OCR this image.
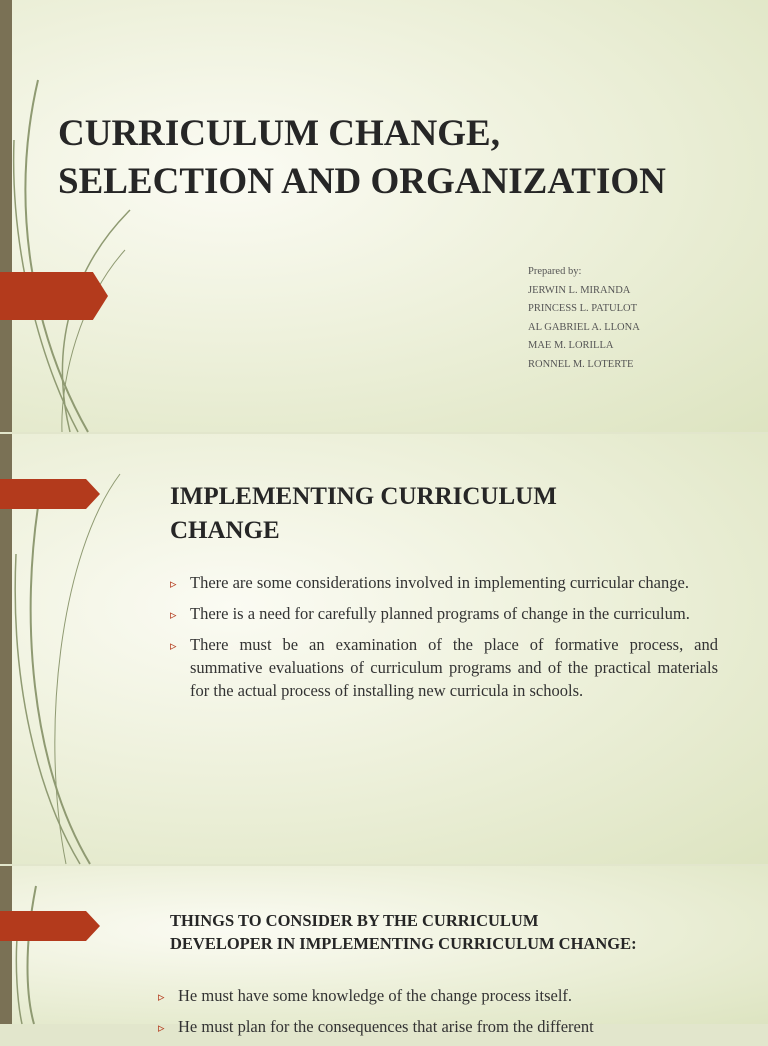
CURRICULUM CHANGE,
SELECTION AND ORGANIZATION
Prepared by:
JERWIN L. MIRANDA
PRINCESS L. PATULOT
AL GABRIEL A. LLONA
MAE M. LORILLA
RONNEL M. LOTERTE
IMPLEMENTING CURRICULUM
CHANGE
▹ There are some considerations involved in implementing curricular change.
▹ There is a need for carefully planned programs of change in the curriculum.
▹ There must be an examination of the place of formative process, and summative evaluations of curriculum programs and of the practical materials for the actual process of installing new curricula in schools.
THINGS TO CONSIDER BY THE CURRICULUM
DEVELOPER IN IMPLEMENTING CURRICULUM CHANGE:
▹ He must have some knowledge of the change process itself.
▹ He must plan for the consequences that arise from the different
